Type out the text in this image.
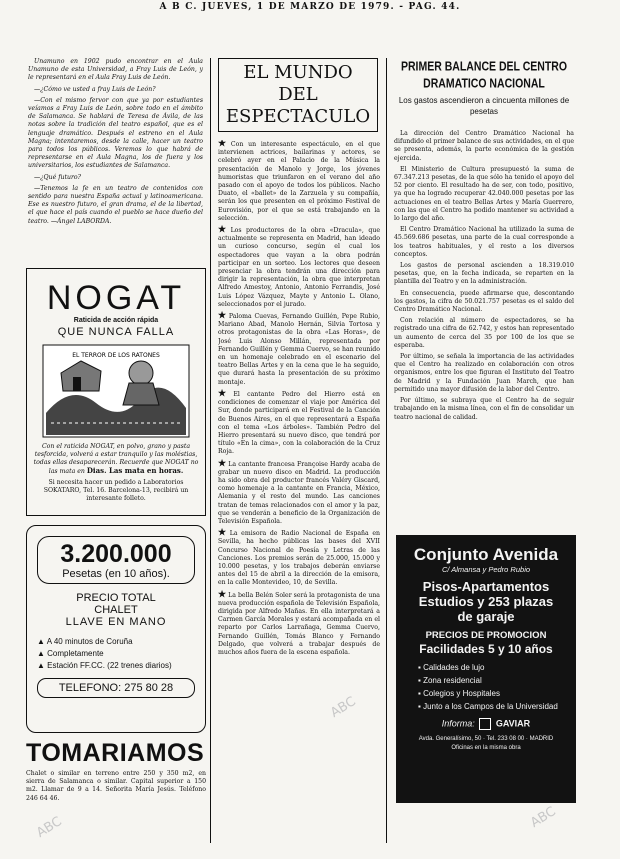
A B C. JUEVES, 1 DE MARZO DE 1979. - PAG. 44.

Unamuno en 1902 pudo encontrar en el Aula Unamuno de esta Universidad, a Fray Luis de León, y le representará en el Aula Fray Luis de León.

—¿Cómo ve usted a fray Luis de León?

—Con el mismo fervor con que ya por estudiantes veíamos a Fray Luis de León, sobre todo en el ámbito de Salamanca. Se hablará de Teresa de Ávila, de las notas sobre la tradición del teatro español, que es el lenguaje dramático. Después el estreno en el Aula Magna; intentaremos, desde la calle, hacer un teatro para todos los públicos. Veremos lo que habrá de representarse en el Aula Magna, los de fuera y los universitarios, los estudiantes de Salamanca.

—¿Qué futuro?

—Tenemos la fe en un teatro de contenidos con sentido para nuestra España actual y latinoamericana. Ese es nuestro futuro, el gran drama, el de la libertad, el que hace el país cuando el pueblo se hace dueño del teatro. —Ángel LABORDA.

NOGAT
Raticida de acción rápida
QUE NUNCA FALLA
EL TERROR DE LOS RATONES
Con el raticida NOGAT, en polvo, grano y pasta tesforcida, volverá a estar tranquilo y las moléstias, todas ellas desaparecerán. Recuerde que NOGAT no las mata en Dias. Las mata en horas.
Si necesita hacer un pedido a Laboratorios SOKATARO, Tel. 16. Barcelona-13, recibirá un interesante folleto.
3.200.000
Pesetas (en 10 años).
PRECIO TOTAL
CHALET
LLAVE EN MANO
▲ A 40 minutos de Coruña
▲ Completamente
▲ Estación FF.CC. (22 trenes diarios)
TELEFONO: 275 80 28
TOMARIAMOS
Chalet o similar en terreno entre 250 y 350 m2, en sierra de Salamanca o similar. Capital superior a 150 m2. Llamar de 9 a 14. Señorita María Jesús. Teléfono 246 64 46.
EL MUNDO
DEL
ESPECTACULO

★ Con un interesante espectáculo, en el que intervienen actrices, bailarinas y actores, se celebró ayer en el Palacio de la Música la presentación de Manolo y Jorge, los jóvenes humoristas que triunfaron en el verano del año pasado con el apoyo de todos los públicos. Nacho Duato, el «ballet» de la Zarzuela y su compañía, serán los que presenten en el próximo Festival de Eurovisión, por el que se está trabajando en la selección.

★ Los productores de la obra «Dracula», que actualmente se representa en Madrid, han ideado un curioso concurso, según el cual los espectadores que vayan a la obra podrán participar en un sorteo. Los lectores que deseen presenciar la obra tendrán una dirección para dirigir la representación, la obra que interpretan Alfredo Amestoy, Antonio, Antonio Ferrandis, José Luis López Vázquez, Mayte y Antonio L. Olano, seleccionados por el jurado.

★ Paloma Cuevas, Fernando Guillén, Pepe Rubio, Mariano Abad, Manolo Hernán, Silvia Tortosa y otros protagonistas de la obra «Las Horas», de José Luis Alonso Millán, representada por Fernando Guillén y Gemma Cuervo, se han reunido en un homenaje celebrado en el escenario del teatro Bellas Artes y en la cena que le ha seguido, que durará hasta la presentación de su próximo montaje.

★ El cantante Pedro del Hierro está en condiciones de comenzar el viaje por América del Sur, donde participará en el Festival de la Canción de Buenos Aires, en el que representará a España con el tema «Los árboles». También Pedro del Hierro presentará su nuevo disco, que tendrá por título «En la cima», con la colaboración de la Cruz Roja.

★ La cantante francesa Françoise Hardy acaba de grabar un nuevo disco en Madrid. La producción ha sido obra del productor francés Valéry Giscard, como homenaje a la cantante en Francia, México, Alemania y el resto del mundo. Las canciones tratan de temas relacionados con el amor y la paz, que se venderán a beneficio de la Organización de Televisión Española.

★ La emisora de Radio Nacional de España en Sevilla, ha hecho públicas las bases del XVII Concurso Nacional de Poesía y Letras de las Canciones. Los premios serán de 25.000, 15.000 y 10.000 pesetas, y los trabajos deberán enviarse antes del 15 de abril a la dirección de la emisora, en la calle Montevideo, 10, de Sevilla.

★ La bella Belén Soler será la protagonista de una nueva producción española de Televisión Española, dirigida por Alfredo Mañas. En ella interpretará a Carmen García Morales y estará acompañada en el reparto por Carlos Larrañaga, Gemma Cuervo, Fernando Guillén, Tomás Blanco y Fernando Delgado, que volverá a trabajar después de muchos años fuera de la escena española.

PRIMER BALANCE DEL CENTRO
DRAMATICO NACIONAL
Los gastos ascendieron a cincuenta millones de pesetas

La dirección del Centro Dramático Nacional ha difundido el primer balance de sus actividades, en el que se presenta, además, la parte económica de la gestión ejercida.

El Ministerio de Cultura presupuestó la suma de 67.347.213 pesetas, de la que sólo ha tenido el apoyo del 52 por ciento. El resultado ha de ser, con todo, positivo, ya que ha logrado recuperar 42.040.000 pesetas por las actuaciones en el teatro Bellas Artes y María Guerrero, con las que el Centro ha podido mantener su actividad a lo largo del año.

El Centro Dramático Nacional ha utilizado la suma de 45.569.686 pesetas, una parte de la cual corresponde a los teatros habituales, y el resto a los diversos conceptos.

Los gastos de personal ascienden a 18.319.010 pesetas, que, en la fecha indicada, se reparten en la plantilla del Teatro y en la administración.

En consecuencia, puede afirmarse que, descontando los gastos, la cifra de 50.021.757 pesetas es el saldo del Centro Dramático Nacional.

Con relación al número de espectadores, se ha registrado una cifra de 62.742, y estos han representado un aumento de cerca del 35 por 100 de los que se esperaba.

Por último, se señala la importancia de las actividades que el Centro ha realizado en colaboración con otros organismos, entre los que figuran el Instituto del Teatro de Madrid y la Fundación Juan March, que han permitido una mayor difusión de la labor del Centro.

Por último, se subraya que el Centro ha de seguir trabajando en la misma línea, con el fin de consolidar un teatro nacional de calidad.

Conjunto Avenida
C/ Almansa y Pedro Rubio
Pisos-Apartamentos
Estudios y 253 plazas
de garaje
PRECIOS DE PROMOCION
Facilidades 5 y 10 años
▪ Calidades de lujo
▪ Zona residencial
▪ Colegios y Hospitales
▪ Junto a los Campos de la Universidad
Informa: GAVIAR
Avda. Generalísimo, 50 · Tel. 233 08 00 · MADRID
Oficinas en la misma obra
ABC
ABC
ABC
